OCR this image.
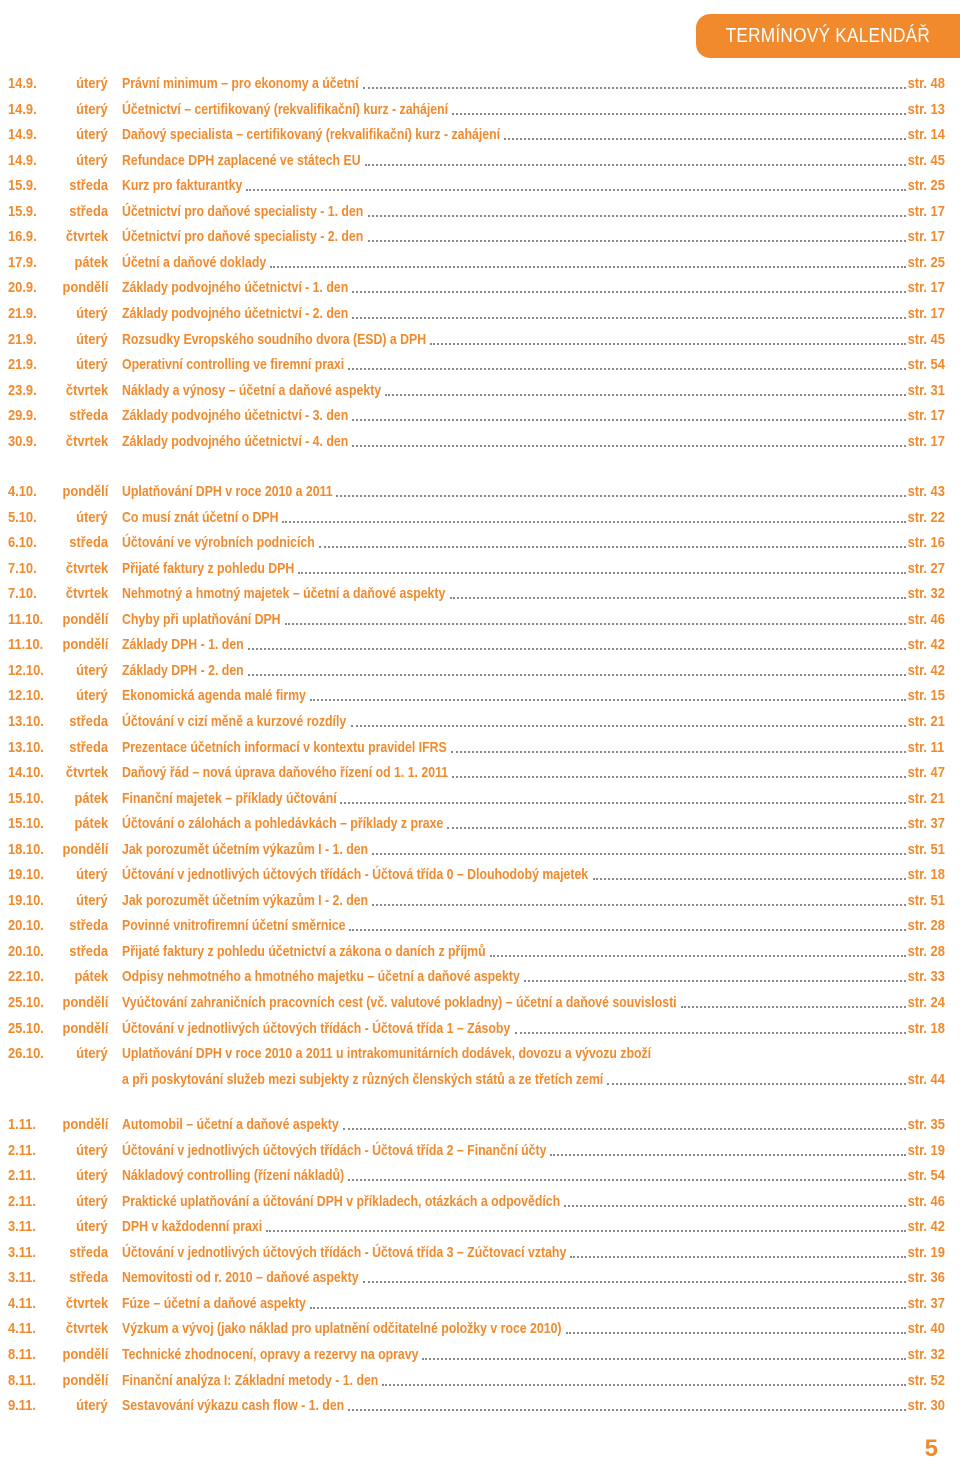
TERMÍNOVÝ KALENDÁŘ
14.9.	úterý Právní minimum – pro ekonomy a účetní	str. 48
14.9.	úterý Účetnictví – certifikovaný (rekvalifikační) kurz - zahájení	str. 13
14.9.	úterý Daňový specialista – certifikovaný (rekvalifikační) kurz - zahájení	str. 14
14.9.	úterý Refundace DPH zaplacené ve státech EU	str. 45
15.9.	středa Kurz pro fakturantky	str. 25
15.9.	středa Účetnictví pro daňové specialisty - 1. den	str. 17
16.9.	čtvrtek Účetnictví pro daňové specialisty - 2. den	str. 17
17.9.	pátek Účetní a daňové doklady	str. 25
20.9.	pondělí Základy podvojného účetnictví - 1. den	str. 17
21.9.	úterý Základy podvojného účetnictví - 2. den	str. 17
21.9.	úterý Rozsudky Evropského soudního dvora (ESD) a DPH	str. 45
21.9.	úterý Operativní controlling ve firemní praxi	str. 54
23.9.	čtvrtek Náklady a výnosy – účetní a daňové aspekty	str. 31
29.9.	středa Základy podvojného účetnictví - 3. den	str. 17
30.9.	čtvrtek Základy podvojného účetnictví - 4. den	str. 17
4.10.	pondělí Uplatňování DPH v roce 2010 a 2011	str. 43
5.10.	úterý Co musí znát účetní o DPH	str. 22
6.10.	středa Účtování ve výrobních podnicích	str. 16
7.10.	čtvrtek Přijaté faktury z pohledu DPH	str. 27
7.10.	čtvrtek Nehmotný a hmotný majetek – účetní a daňové aspekty	str. 32
11.10.	pondělí Chyby při uplatňování DPH	str. 46
11.10.	pondělí Základy DPH - 1. den	str. 42
12.10.	úterý Základy DPH - 2. den	str. 42
12.10.	úterý Ekonomická agenda malé firmy	str. 15
13.10.	středa Účtování v cizí měně a kurzové rozdíly	str. 21
13.10.	středa Prezentace účetních informací v kontextu pravidel IFRS	str. 11
14.10.	čtvrtek Daňový řád – nová úprava daňového řízení od 1. 1. 2011	str. 47
15.10.	pátek Finanční majetek – příklady účtování	str. 21
15.10.	pátek Účtování o zálohách a pohledávkách – příklady z praxe	str. 37
18.10.	pondělí Jak porozumět účetním výkazům I - 1. den	str. 51
19.10.	úterý Účtování v jednotlivých účtových třídách - Účtová třída 0 – Dlouhodobý majetek	str. 18
19.10.	úterý Jak porozumět účetním výkazům I - 2. den	str. 51
20.10.	středa Povinné vnitrofiremní účetní směrnice	str. 28
20.10.	středa Přijaté faktury z pohledu účetnictví a zákona o daních z příjmů	str. 28
22.10.	pátek Odpisy nehmotného a hmotného majetku – účetní a daňové aspekty	str. 33
25.10.	pondělí Vyúčtování zahraničních pracovních cest (vč. valutové pokladny) – účetní a daňové souvislosti	str. 24
25.10.	pondělí Účtování v jednotlivých účtových třídách - Účtová třída 1 – Zásoby	str. 18
26.10.	úterý Uplatňování DPH v roce 2010 a 2011 u intrakomunitárních dodávek, dovozu a vývozu zboží
a při poskytování služeb mezi subjekty z různých členských států a ze třetích zemí	str. 44
1.11.	pondělí Automobil – účetní a daňové aspekty	str. 35
2.11.	úterý Účtování v jednotlivých účtových třídách - Účtová třída 2 – Finanční účty	str. 19
2.11.	úterý Nákladový controlling (řízení nákladů)	str. 54
2.11.	úterý Praktické uplatňování a účtování DPH v příkladech, otázkách a odpovědích	str. 46
3.11.	úterý DPH v každodenní praxi	str. 42
3.11.	středa Účtování v jednotlivých účtových třídách - Účtová třída 3 – Zúčtovací vztahy	str. 19
3.11.	středa Nemovitosti od r. 2010 – daňové aspekty	str. 36
4.11.	čtvrtek Fúze – účetní a daňové aspekty	str. 37
4.11.	čtvrtek Výzkum a vývoj (jako náklad pro uplatnění odčitatelné položky v roce 2010)	str. 40
8.11.	pondělí Technické zhodnocení, opravy a rezervy na opravy	str. 32
8.11.	pondělí Finanční analýza I: Základní metody - 1. den	str. 52
9.11.	úterý Sestavování výkazu cash flow - 1. den	str. 30
5
